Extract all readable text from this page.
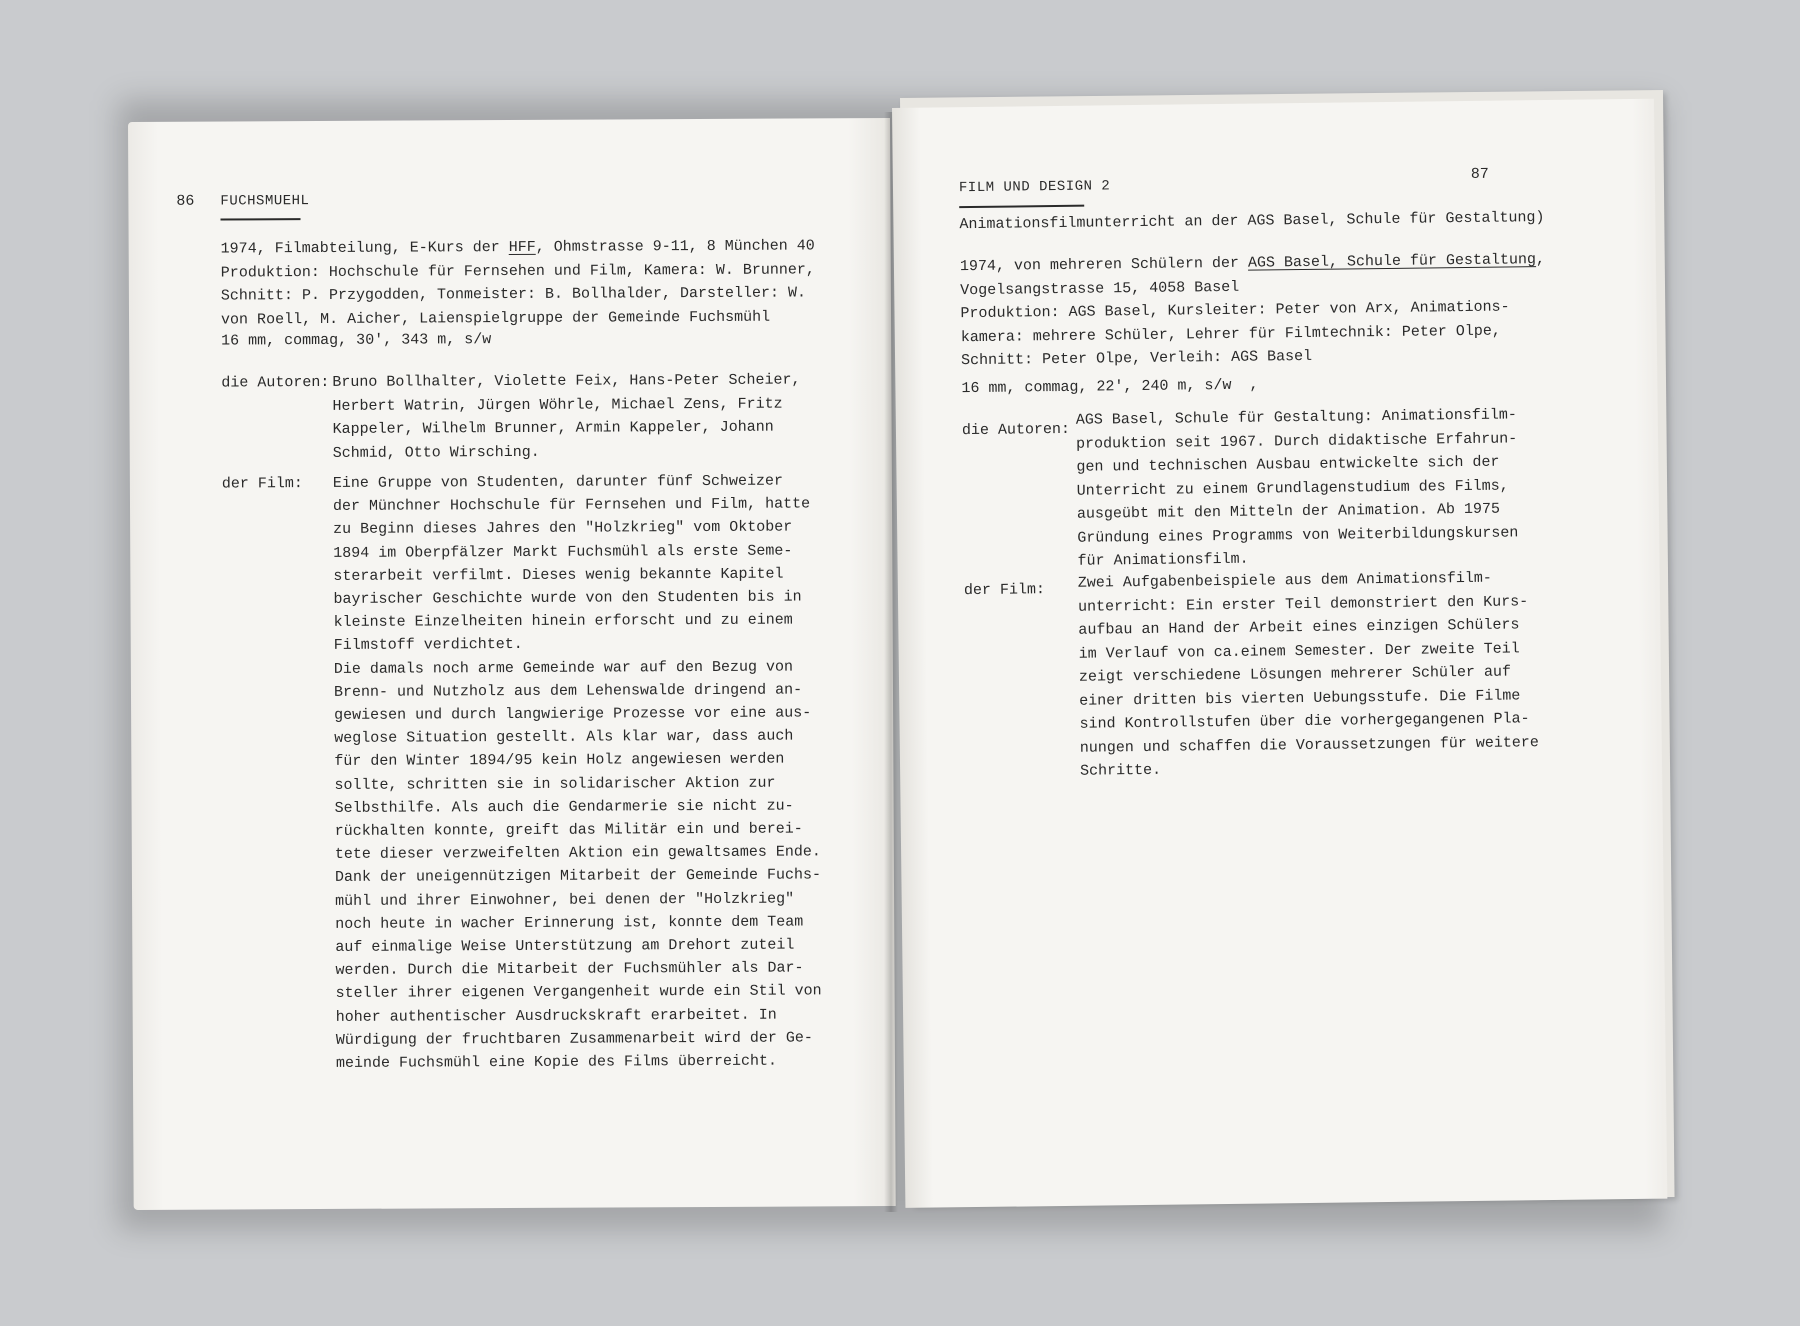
86 FUCHSMUEHL
1974, Filmabteilung, E-Kurs der HFF, Ohmstrasse 9-11, 8 München 40
Produktion: Hochschule für Fernsehen und Film, Kamera: W. Brunner,
Schnitt: P. Przygodden, Tonmeister: B. Bollhalder, Darsteller: W.
von Roell, M. Aicher, Laienspielgruppe der Gemeinde Fuchsmühl
16 mm, commag, 30', 343 m, s/w
die Autoren: Bruno Bollhalter, Violette Feix, Hans-Peter Scheier,
Herbert Watrin, Jürgen Wöhrle, Michael Zens, Fritz
Kappeler, Wilhelm Brunner, Armin Kappeler, Johann
Schmid, Otto Wirsching.
der Film: Eine Gruppe von Studenten, darunter fünf Schweizer
der Münchner Hochschule für Fernsehen und Film, hatte
zu Beginn dieses Jahres den "Holzkrieg" vom Oktober
1894 im Oberpfälzer Markt Fuchsmühl als erste Seme-
sterarbeit verfilmt. Dieses wenig bekannte Kapitel
bayrischer Geschichte wurde von den Studenten bis in
kleinste Einzelheiten hinein erforscht und zu einem
Filmstoff verdichtet.
Die damals noch arme Gemeinde war auf den Bezug von
Brenn- und Nutzholz aus dem Lehenswalde dringend an-
gewiesen und durch langwierige Prozesse vor eine aus-
weglose Situation gestellt. Als klar war, dass auch
für den Winter 1894/95 kein Holz angewiesen werden
sollte, schritten sie in solidarischer Aktion zur
Selbsthilfe. Als auch die Gendarmerie sie nicht zu-
rückhalten konnte, greift das Militär ein und berei-
tete dieser verzweifelten Aktion ein gewaltsames Ende.
Dank der uneigennützigen Mitarbeit der Gemeinde Fuchs-
mühl und ihrer Einwohner, bei denen der "Holzkrieg"
noch heute in wacher Erinnerung ist, konnte dem Team
auf einmalige Weise Unterstützung am Drehort zuteil
werden. Durch die Mitarbeit der Fuchsmühler als Dar-
steller ihrer eigenen Vergangenheit wurde ein Stil von
hoher authentischer Ausdruckskraft erarbeitet. In
Würdigung der fruchtbaren Zusammenarbeit wird der Ge-
meinde Fuchsmühl eine Kopie des Films überreicht.
FILM UND DESIGN 2
87
Animationsfilmunterricht an der AGS Basel, Schule für Gestaltung)
1974, von mehreren Schülern der AGS Basel, Schule für Gestaltung,
Vogelsangstrasse 15, 4058 Basel
Produktion: AGS Basel, Kursleiter: Peter von Arx, Animations-
kamera: mehrere Schüler, Lehrer für Filmtechnik: Peter Olpe,
Schnitt: Peter Olpe, Verleih: AGS Basel
16 mm, commag, 22', 240 m, s/w  ,
die Autoren:
AGS Basel, Schule für Gestaltung: Animationsfilm-
produktion seit 1967. Durch didaktische Erfahrun-
gen und technischen Ausbau entwickelte sich der
Unterricht zu einem Grundlagenstudium des Films,
ausgeübt mit den Mitteln der Animation. Ab 1975
Gründung eines Programms von Weiterbildungskursen
für Animationsfilm.
der Film: Zwei Aufgabenbeispiele aus dem Animationsfilm-
unterricht: Ein erster Teil demonstriert den Kurs-
aufbau an Hand der Arbeit eines einzigen Schülers
im Verlauf von ca.einem Semester. Der zweite Teil
zeigt verschiedene Lösungen mehrerer Schüler auf
einer dritten bis vierten Uebungsstufe. Die Filme
sind Kontrollstufen über die vorhergegangenen Pla-
nungen und schaffen die Voraussetzungen für weitere
Schritte.
